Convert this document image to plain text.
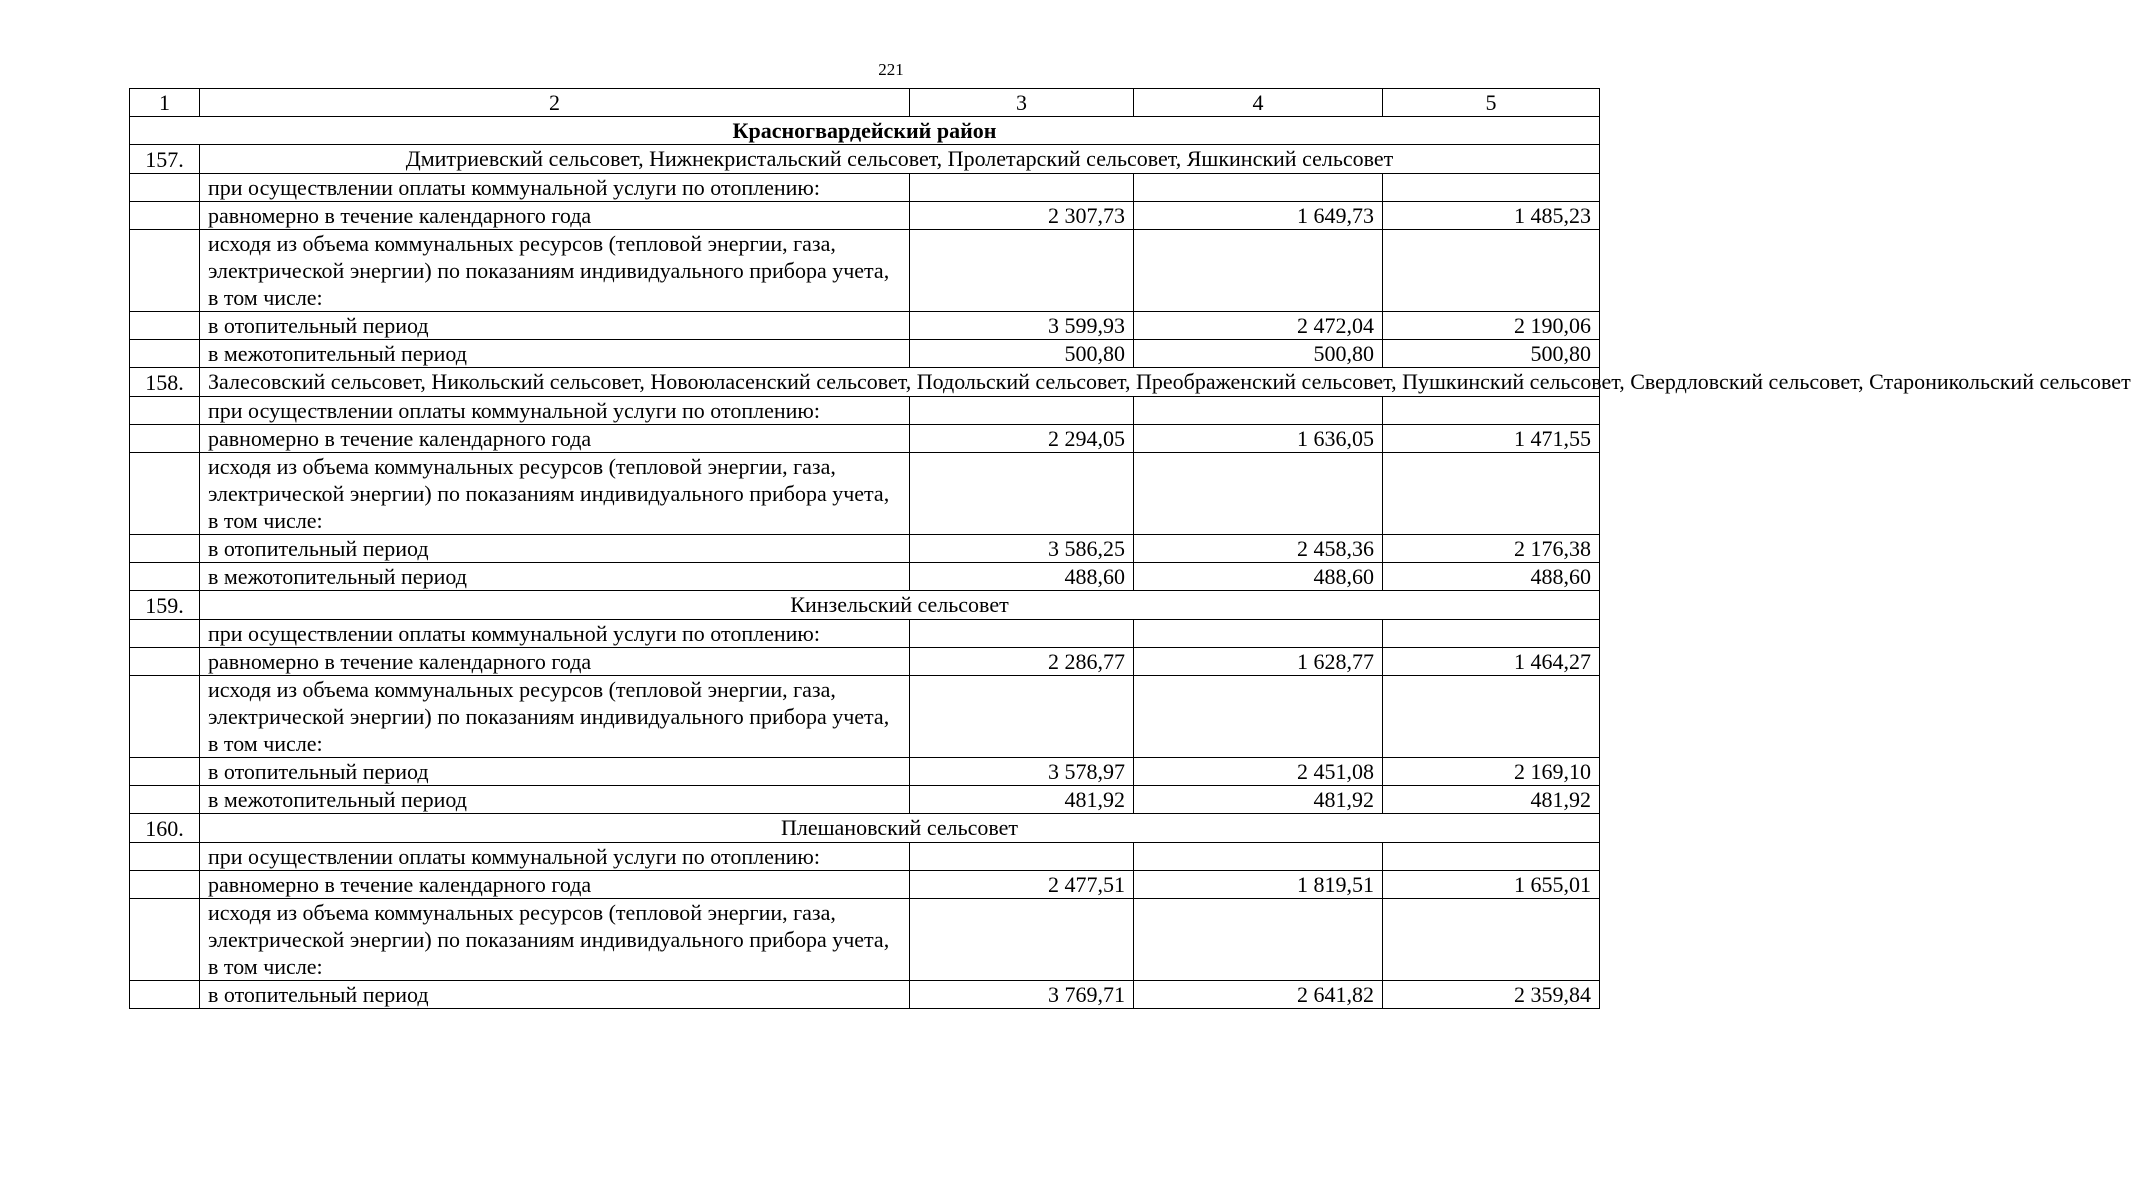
221
1	2	3	4	5
Красногвардейский район				
157.	Дмитриевский сельсовет, Нижнекристальский сельсовет, Пролетарский сельсовет, Яшкинский сельсовет			
	при осуществлении оплаты коммунальной услуги по отоплению:			
	равномерно в течение календарного года	2 307,73	1 649,73	1 485,23
	исходя из объема коммунальных ресурсов (тепловой энергии, газа, электрической энергии) по показаниям индивидуального прибора учета, в том числе:			
	в отопительный период	3 599,93	2 472,04	2 190,06
	в межотопительный период	500,80	500,80	500,80
158.	Залесовский сельсовет, Никольский сельсовет, Новоюласенский сельсовет, Подольский сельсовет, Преображенский сельсовет, Пушкинский сельсовет, Свердловский сельсовет, Староникольский сельсовет			
	при осуществлении оплаты коммунальной услуги по отоплению:			
	равномерно в течение календарного года	2 294,05	1 636,05	1 471,55
	исходя из объема коммунальных ресурсов (тепловой энергии, газа, электрической энергии) по показаниям индивидуального прибора учета, в том числе:			
	в отопительный период	3 586,25	2 458,36	2 176,38
	в межотопительный период	488,60	488,60	488,60
159.	Кинзельский сельсовет			
	при осуществлении оплаты коммунальной услуги по отоплению:			
	равномерно в течение календарного года	2 286,77	1 628,77	1 464,27
	исходя из объема коммунальных ресурсов (тепловой энергии, газа, электрической энергии) по показаниям индивидуального прибора учета, в том числе:			
	в отопительный период	3 578,97	2 451,08	2 169,10
	в межотопительный период	481,92	481,92	481,92
160.	Плешановский сельсовет			
	при осуществлении оплаты коммунальной услуги по отоплению:			
	равномерно в течение календарного года	2 477,51	1 819,51	1 655,01
	исходя из объема коммунальных ресурсов (тепловой энергии, газа, электрической энергии) по показаниям индивидуального прибора учета, в том числе:			
	в отопительный период	3 769,71	2 641,82	2 359,84
